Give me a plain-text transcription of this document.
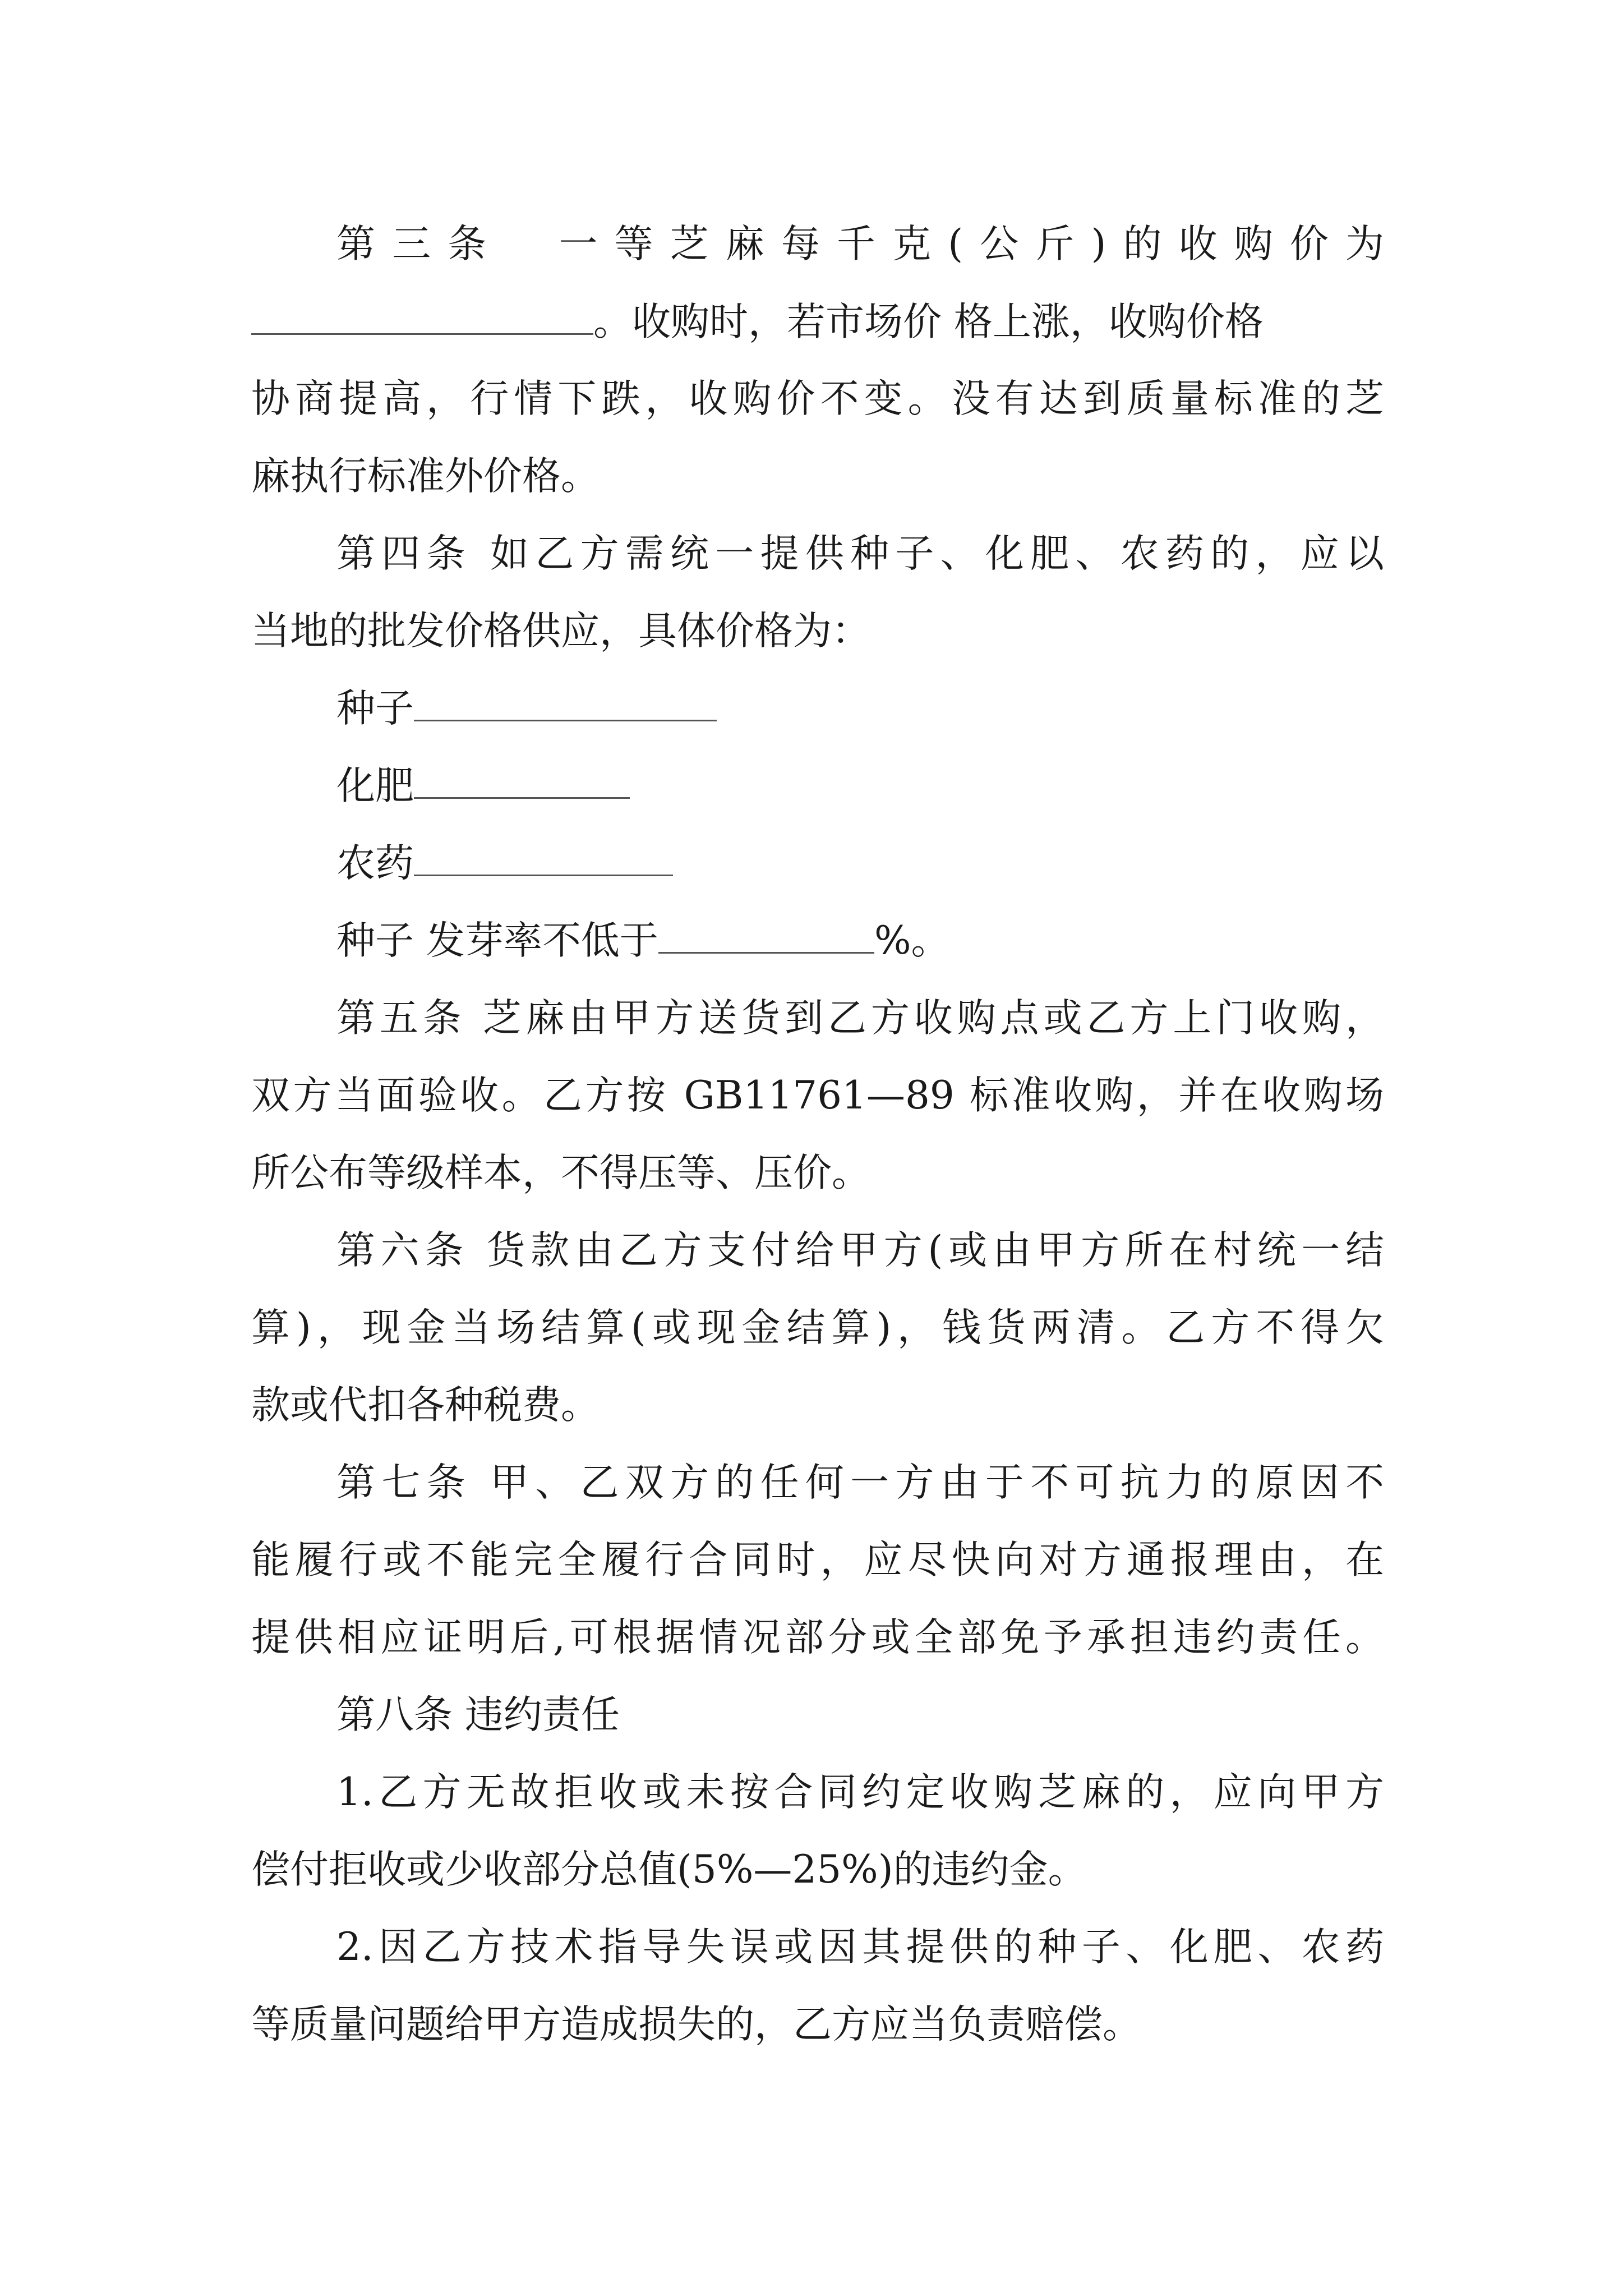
第三条　一等芝麻每千克(公斤)的收购价为
。收购时，若市场价 格上涨，收购价格
协商提高，行情下跌，收购价不变。没有达到质量标准的芝
麻执行标准外价格。
第四条 如乙方需统一提供种子、化肥、农药的，应以
当地的批发价格供应，具体价格为：
种子
化肥
农药
种子 发芽率不低于	%。
第五条 芝麻由甲方送货到乙方收购点或乙方上门收购，
双方当面验收。乙方按 GB11761—89 标准收购，并在收购场
所公布等级样本，不得压等、压价。
第六条 货款由乙方支付给甲方(或由甲方所在村统一结
算)，现金当场结算(或现金结算)，钱货两清。乙方不得欠
款或代扣各种税费。
第七条 甲、乙双方的任何一方由于不可抗力的原因不
能履行或不能完全履行合同时，应尽快向对方通报理由，在
提供相应证明后,可根据情况部分或全部免予承担违约责任。
第八条 违约责任
1.乙方无故拒收或未按合同约定收购芝麻的，应向甲方
偿付拒收或少收部分总值(5%—25%)的违约金。
2.因乙方技术指导失误或因其提供的种子、化肥、农药
等质量问题给甲方造成损失的，乙方应当负责赔偿。
